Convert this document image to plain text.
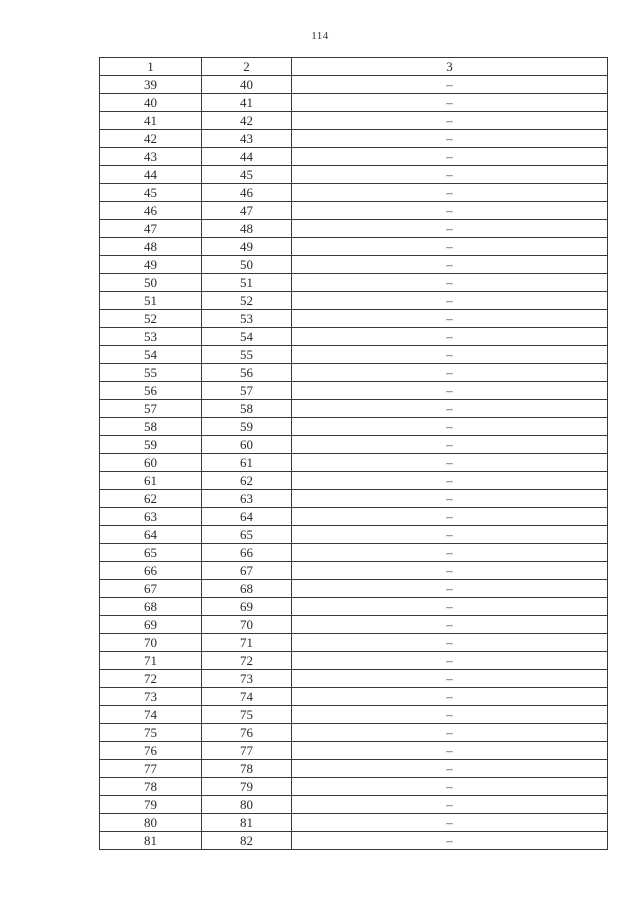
114
1	2	3
39	40	–
40	41	–
41	42	–
42	43	–
43	44	–
44	45	–
45	46	–
46	47	–
47	48	–
48	49	–
49	50	–
50	51	–
51	52	–
52	53	–
53	54	–
54	55	–
55	56	–
56	57	–
57	58	–
58	59	–
59	60	–
60	61	–
61	62	–
62	63	–
63	64	–
64	65	–
65	66	–
66	67	–
67	68	–
68	69	–
69	70	–
70	71	–
71	72	–
72	73	–
73	74	–
74	75	–
75	76	–
76	77	–
77	78	–
78	79	–
79	80	–
80	81	–
81	82	–
